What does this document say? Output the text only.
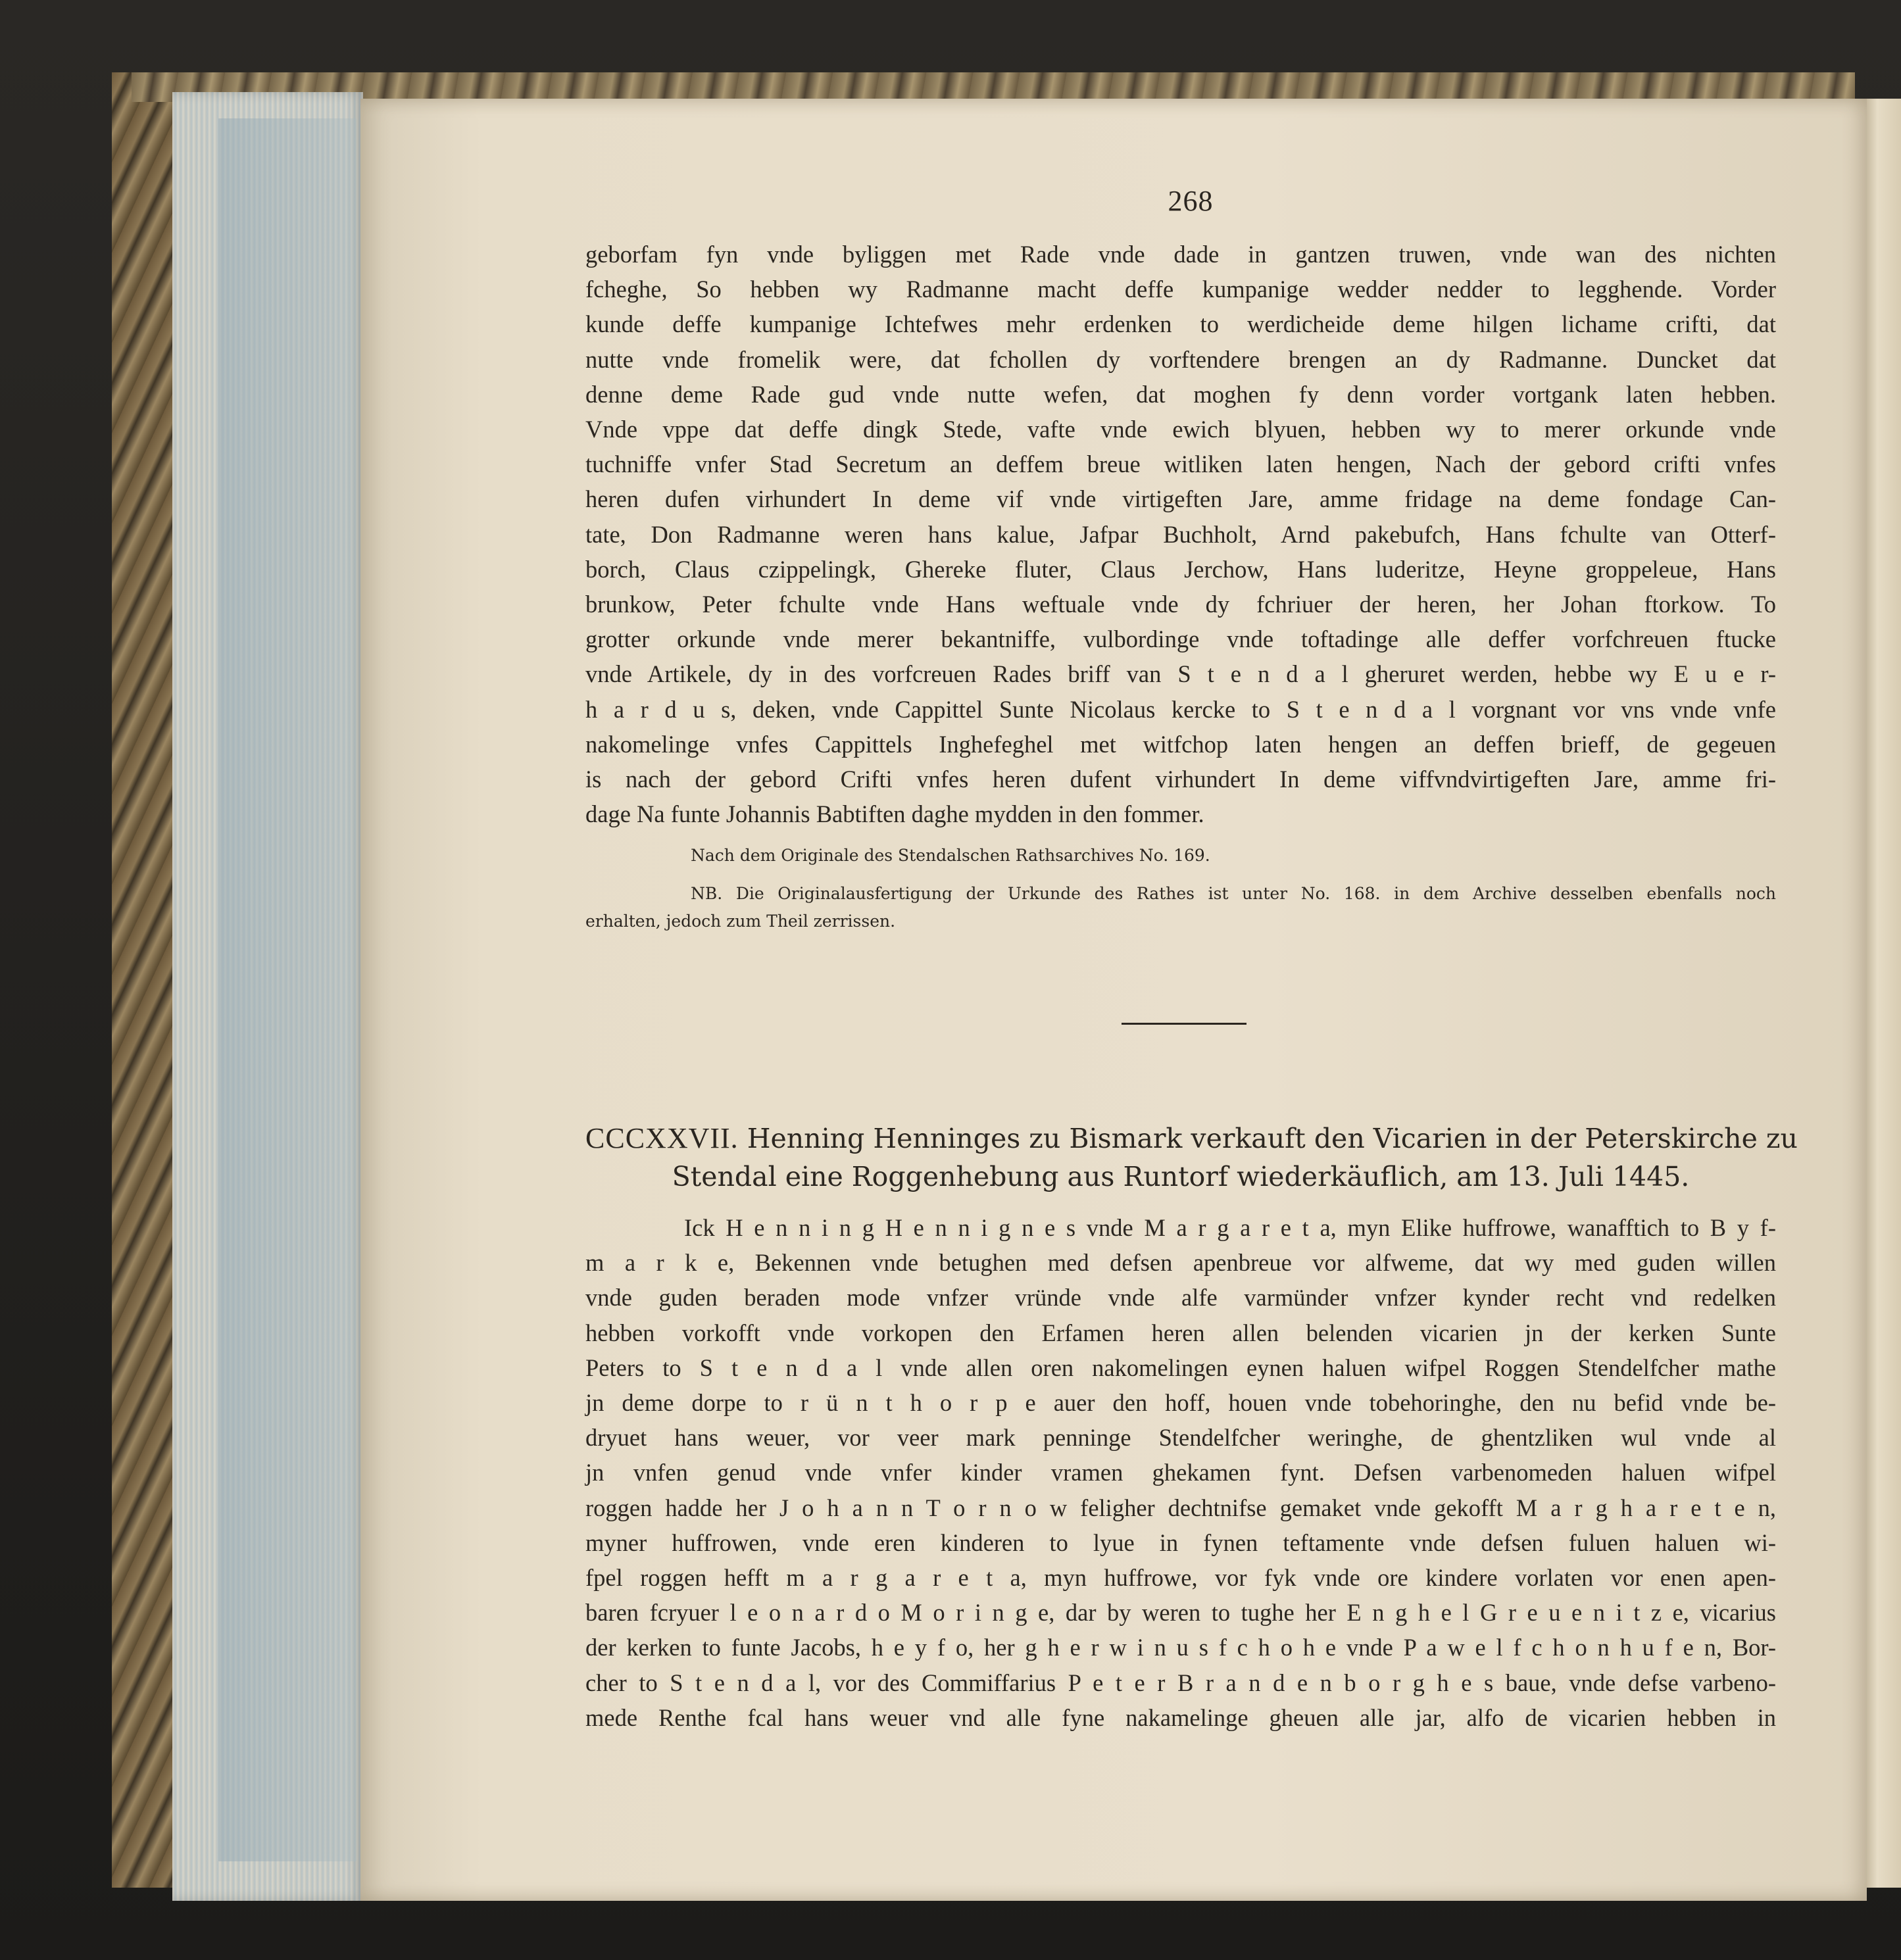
268
geborfam fyn vnde byliggen met Rade vnde dade in gantzen truwen, vnde wan des nichten
fcheghe, So hebben wy Radmanne macht deffe kumpanige wedder nedder to legghende. Vorder
kunde deffe kumpanige Ichtefwes mehr erdenken to werdicheide deme hilgen lichame crifti, dat
nutte vnde fromelik were, dat fchollen dy vorftendere brengen an dy Radmanne. Duncket dat
denne deme Rade gud vnde nutte wefen, dat moghen fy denn vorder vortgank laten hebben.
Vnde vppe dat deffe dingk Stede, vafte vnde ewich blyuen, hebben wy to merer orkunde vnde
tuchniffe vnfer Stad Secretum an deffem breue witliken laten hengen, Nach der gebord crifti vnfes
heren dufen virhundert In deme vif vnde virtigeften Jare, amme fridage na deme fondage Can-
tate, Don Radmanne weren hans kalue, Jafpar Buchholt, Arnd pakebufch, Hans fchulte van Otterf-
borch, Claus czippelingk, Ghereke fluter, Claus Jerchow, Hans luderitze, Heyne groppeleue, Hans
brunkow, Peter fchulte vnde Hans weftuale vnde dy fchriuer der heren, her Johan ftorkow. To
grotter orkunde vnde merer bekantniffe, vulbordinge vnde toftadinge alle deffer vorfchreuen ftucke
vnde Artikele, dy in des vorfcreuen Rades briff van S t e n d a l gheruret werden, hebbe wy E u e r-
h a r d u s, deken, vnde Cappittel Sunte Nicolaus kercke to S t e n d a l vorgnant vor vns vnde vnfe
nakomelinge vnfes Cappittels Inghefeghel met witfchop laten hengen an deffen brieff, de gegeuen
is nach der gebord Crifti vnfes heren dufent virhundert In deme viffvndvirtigeften Jare, amme fri-
dage Na funte Johannis Babtiften daghe mydden in den fommer.
Nach dem Originale des Stendalschen Rathsarchives No. 169.
NB. Die Originalausfertigung der Urkunde des Rathes ist unter No. 168. in dem Archive desselben ebenfalls noch
erhalten, jedoch zum Theil zerrissen.
CCCXXVII. Henning Henninges zu Bismark verkauft den Vicarien in der Peterskirche zu
Stendal eine Roggenhebung aus Runtorf wiederkäuflich, am 13. Juli 1445.
Ick H e n n i n g H e n n i g n e s vnde M a r g a r e t a, myn Elike huffrowe, wanafftich to B y f-
m a r k e, Bekennen vnde betughen med defsen apenbreue vor alfweme, dat wy med guden willen
vnde guden beraden mode vnfzer vründe vnde alfe varmünder vnfzer kynder recht vnd redelken
hebben vorkofft vnde vorkopen den Erfamen heren allen belenden vicarien jn der kerken Sunte
Peters to S t e n d a l vnde allen oren nakomelingen eynen haluen wifpel Roggen Stendelfcher mathe
jn deme dorpe to r ü n t h o r p e auer den hoff, houen vnde tobehoringhe, den nu befid vnde be-
dryuet hans weuer, vor veer mark penninge Stendelfcher weringhe, de ghentzliken wul vnde al
jn vnfen genud vnde vnfer kinder vramen ghekamen fynt. Defsen varbenomeden haluen wifpel
roggen hadde her J o h a n n T o r n o w feligher dechtnifse gemaket vnde gekofft M a r g h a r e t e n,
myner huffrowen, vnde eren kinderen to lyue in fynen teftamente vnde defsen fuluen haluen wi-
fpel roggen hefft m a r g a r e t a, myn huffrowe, vor fyk vnde ore kindere vorlaten vor enen apen-
baren fcryuer l e o n a r d o M o r i n g e, dar by weren to tughe her E n g h e l G r e u e n i t z e, vicarius
der kerken to funte Jacobs, h e y f o, her g h e r w i n u s f c h o h e vnde P a w e l f c h o n h u f e n, Bor-
cher to S t e n d a l, vor des Commiffarius P e t e r B r a n d e n b o r g h e s baue, vnde defse varbeno-
mede Renthe fcal hans weuer vnd alle fyne nakamelinge gheuen alle jar, alfo de vicarien hebben in
